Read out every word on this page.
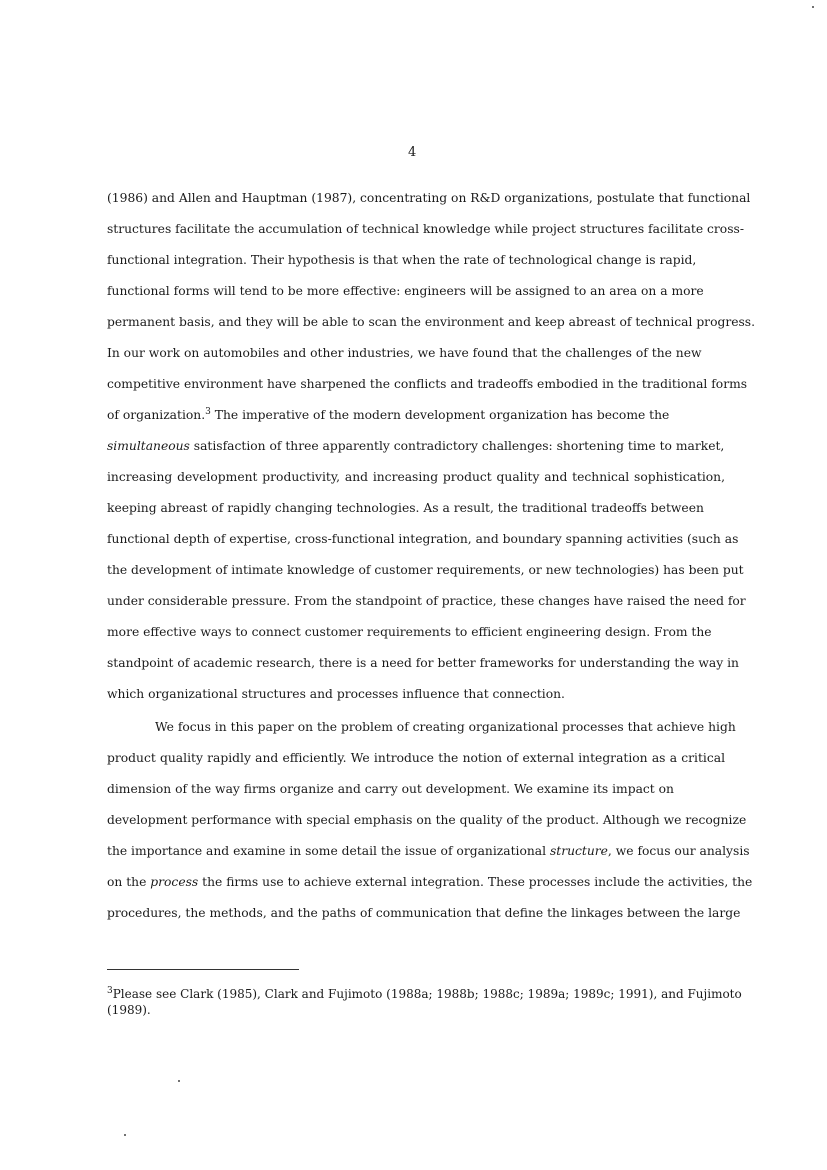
4
(1986) and Allen and Hauptman (1987), concentrating on R&D organizations, postulate that functional
structures facilitate the accumulation of technical knowledge while project structures facilitate cross-
functional integration. Their hypothesis is that when the rate of technological change is rapid,
functional forms will tend to be more effective: engineers will be assigned to an area on a more
permanent basis, and they will be able to scan the environment and keep abreast of technical progress.
In our work on automobiles and other industries, we have found that the challenges of the new
competitive environment have sharpened the conflicts and tradeoffs embodied in the traditional forms
of organization.$^3$ The imperative of the modern development organization has become the
simultaneous satisfaction of three apparently contradictory challenges: shortening time to market,
increasing development productivity, and increasing product quality and technical sophistication,
keeping abreast of rapidly changing technologies. As a result, the traditional tradeoffs between
functional depth of expertise, cross-functional integration, and boundary spanning activities (such as
the development of intimate knowledge of customer requirements, or new technologies) has been put
under considerable pressure. From the standpoint of practice, these changes have raised the need for
more effective ways to connect customer requirements to efficient engineering design. From the
standpoint of academic research, there is a need for better frameworks for understanding the way in
which organizational structures and processes influence that connection.
We focus in this paper on the problem of creating organizational processes that achieve high
product quality rapidly and efficiently. We introduce the notion of external integration as a critical
dimension of the way firms organize and carry out development. We examine its impact on
development performance with special emphasis on the quality of the product. Although we recognize
the importance and examine in some detail the issue of organizational structure, we focus our analysis
on the process the firms use to achieve external integration. These processes include the activities, the
procedures, the methods, and the paths of communication that define the linkages between the large
$^3$Please see Clark (1985), Clark and Fujimoto (1988a; 1988b; 1988c; 1989a; 1989c; 1991), and Fujimoto
(1989).
